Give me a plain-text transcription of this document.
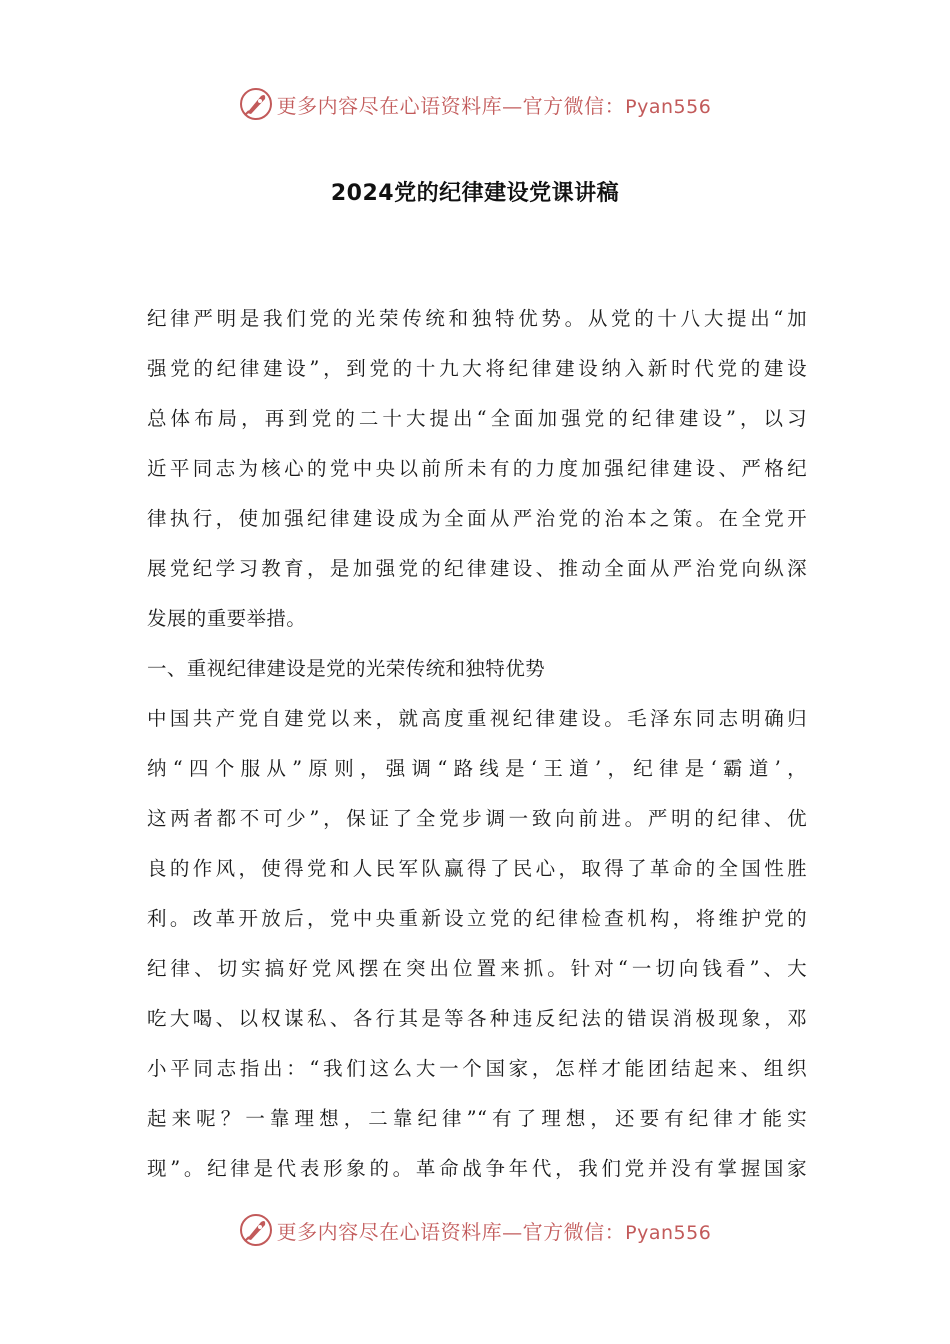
更多内容尽在心语资料库—官方微信：Pyan556
2024党的纪律建设党课讲稿
纪律严明是我们党的光荣传统和独特优势。从党的十八大提出“加
强党的纪律建设”，到党的十九大将纪律建设纳入新时代党的建设
总体布局，再到党的二十大提出“全面加强党的纪律建设”，以习
近平同志为核心的党中央以前所未有的力度加强纪律建设、严格纪
律执行，使加强纪律建设成为全面从严治党的治本之策。在全党开
展党纪学习教育，是加强党的纪律建设、推动全面从严治党向纵深
发展的重要举措。
一、重视纪律建设是党的光荣传统和独特优势
中国共产党自建党以来，就高度重视纪律建设。毛泽东同志明确归
纳“四个服从”原则，强调“路线是‘王道’，纪律是‘霸道’，
这两者都不可少”，保证了全党步调一致向前进。严明的纪律、优
良的作风，使得党和人民军队赢得了民心，取得了革命的全国性胜
利。改革开放后，党中央重新设立党的纪律检查机构，将维护党的
纪律、切实搞好党风摆在突出位置来抓。针对“一切向钱看”、大
吃大喝、以权谋私、各行其是等各种违反纪法的错误消极现象，邓
小平同志指出：“我们这么大一个国家，怎样才能团结起来、组织
起来呢？一靠理想，二靠纪律”“有了理想，还要有纪律才能实
现”。纪律是代表形象的。革命战争年代，我们党并没有掌握国家
更多内容尽在心语资料库—官方微信：Pyan556
